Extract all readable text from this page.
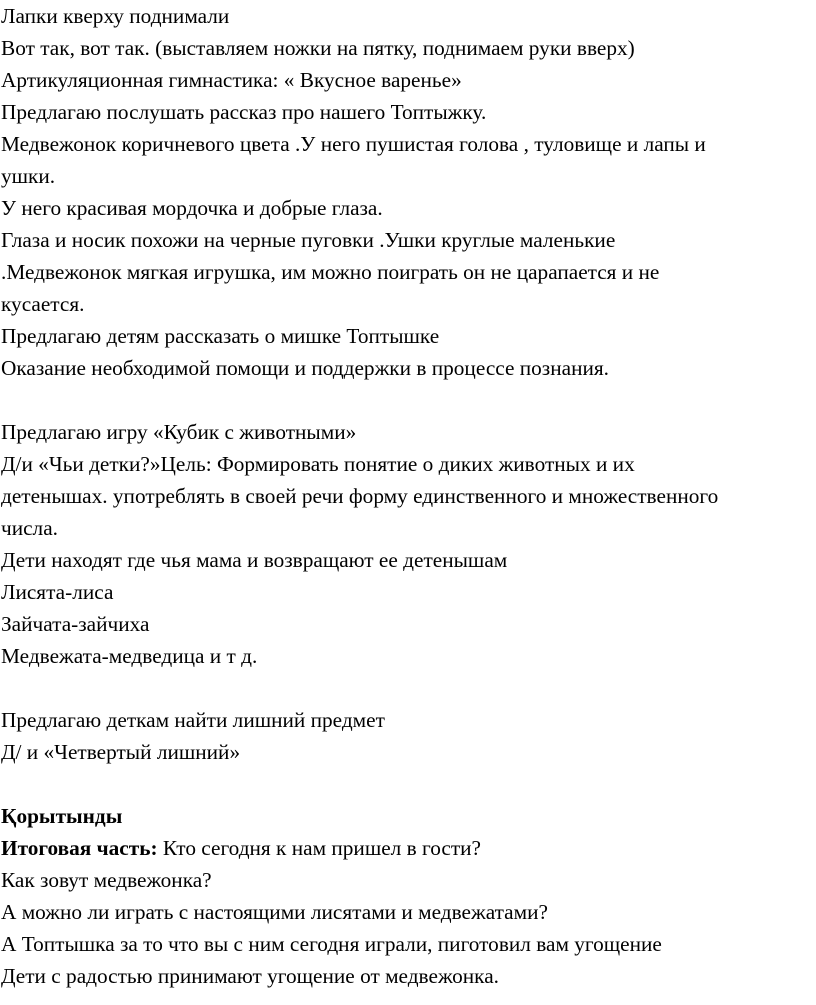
Лапки кверху поднимали
Вот так, вот так. (выставляем ножки на пятку, поднимаем руки вверх)
Артикуляционная гимнастика: « Вкусное варенье»
Предлагаю послушать рассказ про нашего Топтыжку.
Медвежонок коричневого цвета .У него пушистая голова , туловище и лапы и
ушки.
У него красивая мордочка и добрые глаза.
Глаза и носик похожи на черные пуговки .Ушки круглые маленькие
.Медвежонок мягкая игрушка, им можно поиграть он не царапается и не
кусается.
Предлагаю детям рассказать о мишке Топтышке
Оказание необходимой помощи и поддержки в процессе познания.
Предлагаю игру «Кубик с животными»
Д/и «Чьи детки?»Цель: Формировать понятие о диких животных и их
детенышах. употреблять в своей речи форму единственного и множественного
числа.
Дети находят где чья мама и возвращают ее детенышам
Лисята-лиса
Зайчата-зайчиха
Медвежата-медведица и т д.
Предлагаю деткам найти лишний предмет
Д/ и «Четвертый лишний»
Қорытынды
Итоговая часть: Кто сегодня к нам пришел в гости?
Как зовут медвежонка?
А можно ли играть с настоящими лисятами и медвежатами?
А Топтышка за то что вы с ним сегодня играли, пиготовил вам угощение
Дети с радостью принимают угощение от медвежонка.
